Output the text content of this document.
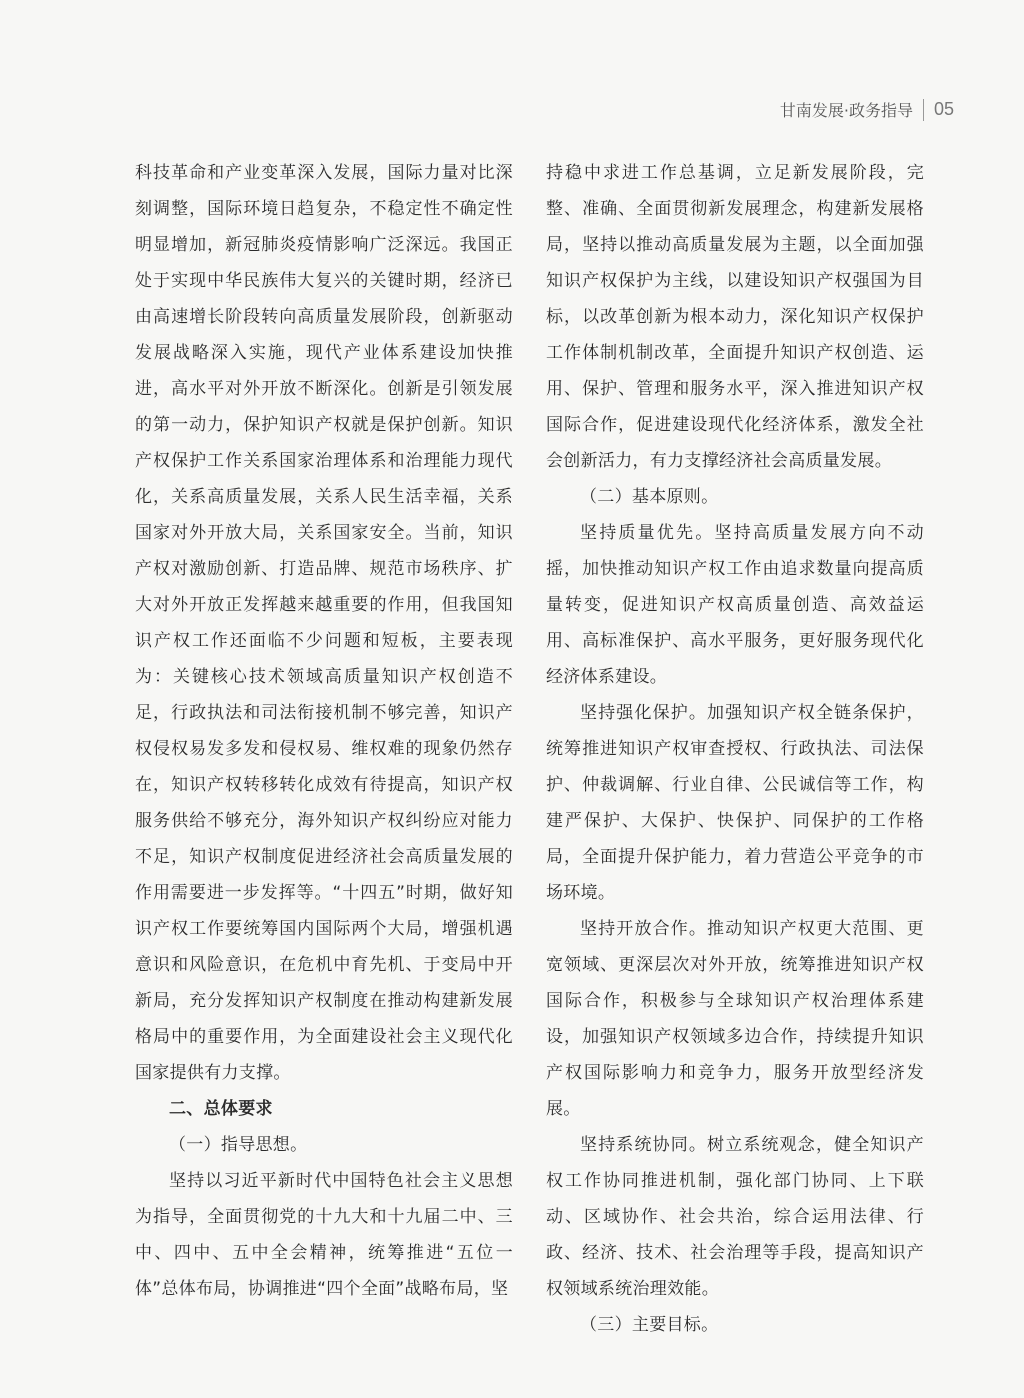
甘南发展·政务指导 05

科技革命和产业变革深入发展，国际力量对比深刻调整，国际环境日趋复杂，不稳定性不确定性明显增加，新冠肺炎疫情影响广泛深远。我国正处于实现中华民族伟大复兴的关键时期，经济已由高速增长阶段转向高质量发展阶段，创新驱动发展战略深入实施，现代产业体系建设加快推进，高水平对外开放不断深化。创新是引领发展的第一动力，保护知识产权就是保护创新。知识产权保护工作关系国家治理体系和治理能力现代化，关系高质量发展，关系人民生活幸福，关系国家对外开放大局，关系国家安全。当前，知识产权对激励创新、打造品牌、规范市场秩序、扩大对外开放正发挥越来越重要的作用，但我国知识产权工作还面临不少问题和短板，主要表现为：关键核心技术领域高质量知识产权创造不足，行政执法和司法衔接机制不够完善，知识产权侵权易发多发和侵权易、维权难的现象仍然存在，知识产权转移转化成效有待提高，知识产权服务供给不够充分，海外知识产权纠纷应对能力不足，知识产权制度促进经济社会高质量发展的作用需要进一步发挥等。“十四五”时期，做好知识产权工作要统筹国内国际两个大局，增强机遇意识和风险意识，在危机中育先机、于变局中开新局，充分发挥知识产权制度在推动构建新发展格局中的重要作用，为全面建设社会主义现代化国家提供有力支撑。

二、总体要求

（一）指导思想。

坚持以习近平新时代中国特色社会主义思想为指导，全面贯彻党的十九大和十九届二中、三中、四中、五中全会精神，统筹推进“五位一体”总体布局，协调推进“四个全面”战略布局，坚

持稳中求进工作总基调，立足新发展阶段，完整、准确、全面贯彻新发展理念，构建新发展格局，坚持以推动高质量发展为主题，以全面加强知识产权保护为主线，以建设知识产权强国为目标，以改革创新为根本动力，深化知识产权保护工作体制机制改革，全面提升知识产权创造、运用、保护、管理和服务水平，深入推进知识产权国际合作，促进建设现代化经济体系，激发全社会创新活力，有力支撑经济社会高质量发展。

（二）基本原则。

坚持质量优先。坚持高质量发展方向不动摇，加快推动知识产权工作由追求数量向提高质量转变，促进知识产权高质量创造、高效益运用、高标准保护、高水平服务，更好服务现代化经济体系建设。

坚持强化保护。加强知识产权全链条保护，统筹推进知识产权审查授权、行政执法、司法保护、仲裁调解、行业自律、公民诚信等工作，构建严保护、大保护、快保护、同保护的工作格局，全面提升保护能力，着力营造公平竞争的市场环境。

坚持开放合作。推动知识产权更大范围、更宽领域、更深层次对外开放，统筹推进知识产权国际合作，积极参与全球知识产权治理体系建设，加强知识产权领域多边合作，持续提升知识产权国际影响力和竞争力，服务开放型经济发展。

坚持系统协同。树立系统观念，健全知识产权工作协同推进机制，强化部门协同、上下联动、区域协作、社会共治，综合运用法律、行政、经济、技术、社会治理等手段，提高知识产权领域系统治理效能。

（三）主要目标。
